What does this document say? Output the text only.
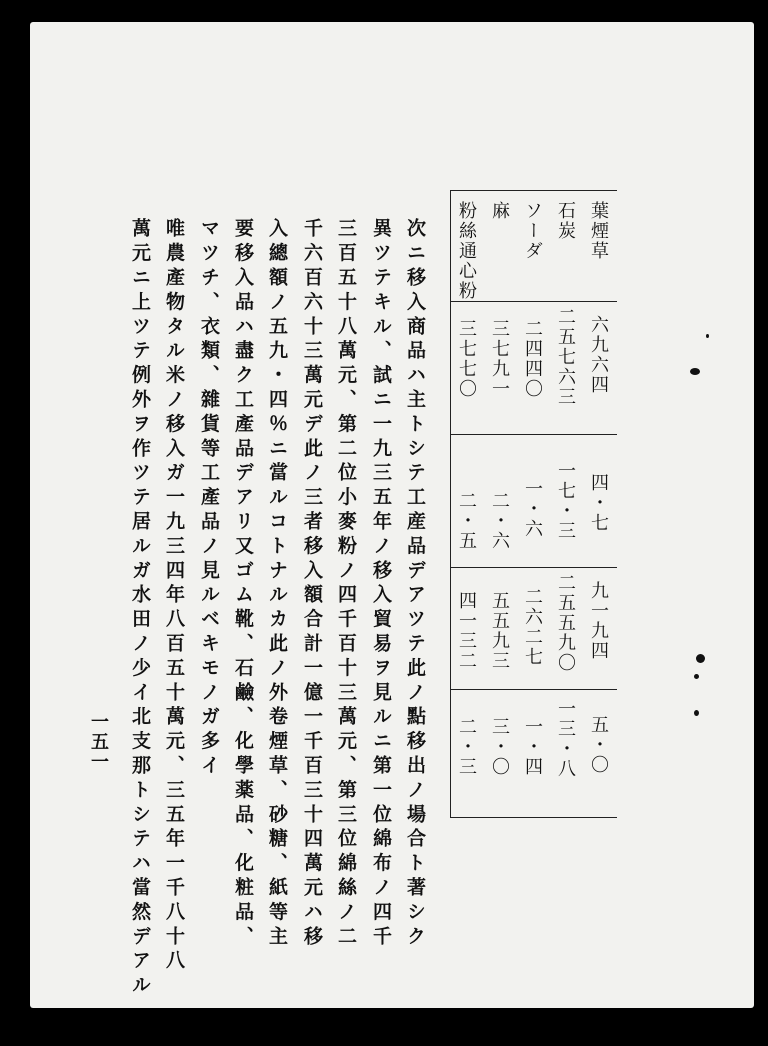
葉煙草
六九六四
四・七
九一九四
五・〇
石炭
二五七六三
一七・三
二五五九〇
一三・八
ソーダ
二四四〇
一・六
二六二七
一・四
麻
三七九一
二・六
五五九三
三・〇
粉絲通心粉
三七七〇
二・五
四一三二
二・三
次ニ移入商品ハ主トシテ工産品デアツテ此ノ點移出ノ場合ト著シク
異ツテキル、試ニ一九三五年ノ移入貿易ヲ見ルニ第一位綿布ノ四千
三百五十八萬元、第二位小麥粉ノ四千百十三萬元、第三位綿絲ノ二
千六百六十三萬元デ此ノ三者移入額合計一億一千百三十四萬元ハ移
入總額ノ五九・四％ニ當ルコトナルカ此ノ外卷煙草、砂糖、紙等主
要移入品ハ盡ク工產品デアリ又ゴム靴、石鹼、化學薬品、化粧品、
マツチ、衣類、雜貨等工產品ノ見ルベキモノガ多イ
唯農產物タル米ノ移入ガ一九三四年八百五十萬元、三五年一千八十八
萬元ニ上ツテ例外ヲ作ツテ居ルガ水田ノ少イ北支那トシテハ當然デアル
一五一
